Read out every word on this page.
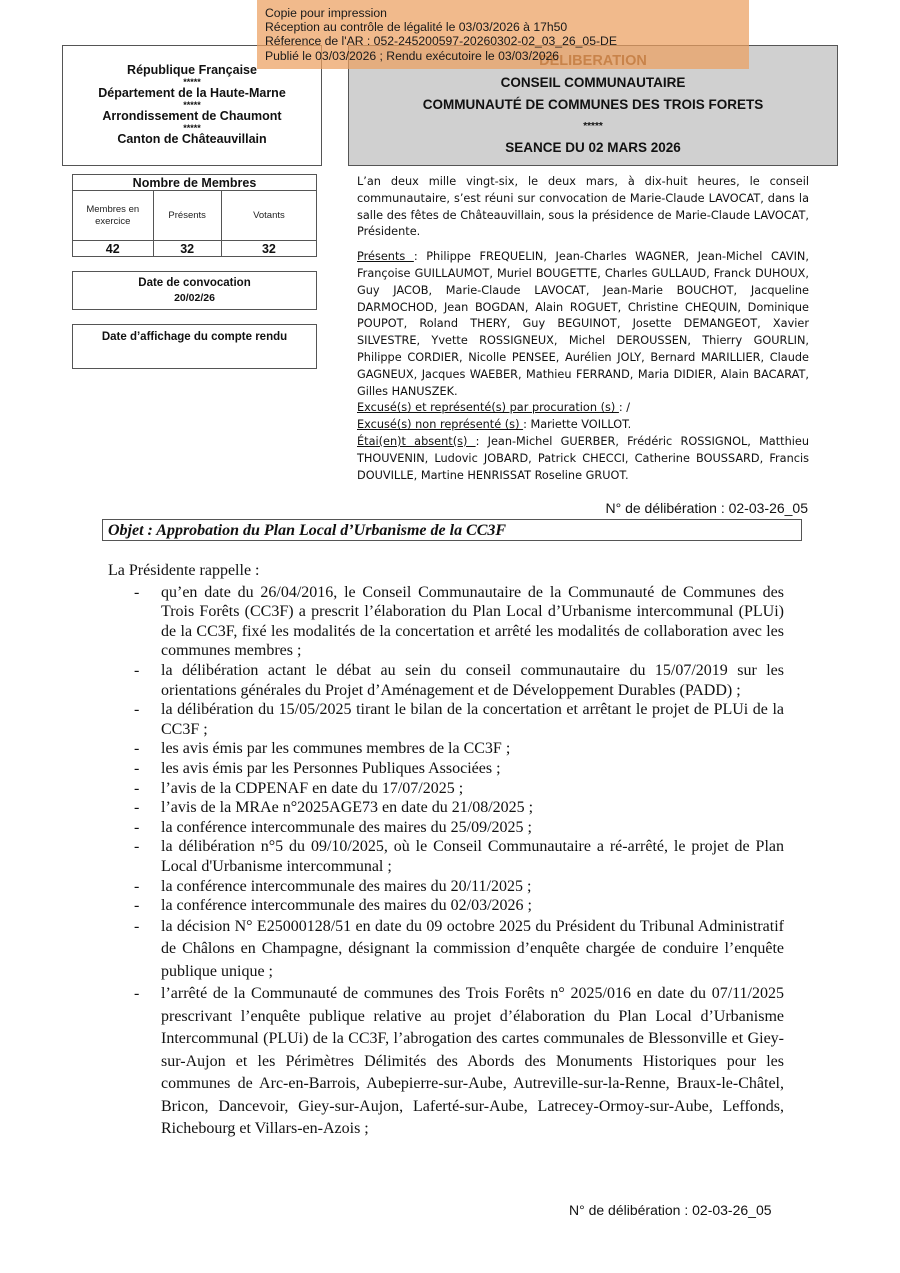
Copie pour impression
Réception au contrôle de légalité le 03/03/2026 à 17h50
Réference de l'AR : 052-245200597-20260302-02_03_26_05-DE
Publié le 03/03/2026 ; Rendu exécutoire le 03/03/2026
République Française
*****
Département de la Haute-Marne
*****
Arrondissement de Chaumont
*****
Canton de Châteauvillain
CONSEIL COMMUNAUTAIRE
COMMUNAUTÉ DE COMMUNES DES TROIS FORETS
*****
SEANCE DU 02 MARS 2026
Nombre de Membres		
Membres en exercice	Présents	Votants
42	32	32
Date de convocation
20/02/26
Date d’affichage du compte rendu

L’an deux mille vingt-six, le deux mars, à dix-huit heures, le conseil communautaire, s’est réuni sur convocation de Marie-Claude LAVOCAT, dans la salle des fêtes de Châteauvillain, sous la présidence de Marie-Claude LAVOCAT, Présidente.

Présents : Philippe FREQUELIN, Jean-Charles WAGNER, Jean-Michel CAVIN, Françoise GUILLAUMOT, Muriel BOUGETTE, Charles GULLAUD, Franck DUHOUX, Guy JACOB, Marie-Claude LAVOCAT, Jean-Marie BOUCHOT, Jacqueline DARMOCHOD, Jean BOGDAN, Alain ROGUET, Christine CHEQUIN, Dominique POUPOT, Roland THERY, Guy BEGUINOT, Josette DEMANGEOT, Xavier SILVESTRE, Yvette ROSSIGNEUX, Michel DEROUSSEN, Thierry GOURLIN, Philippe CORDIER, Nicolle PENSEE, Aurélien JOLY, Bernard MARILLIER, Claude GAGNEUX, Jacques WAEBER, Mathieu FERRAND, Maria DIDIER, Alain BACARAT, Gilles HANUSZEK.

Excusé(s) et représenté(s) par procuration (s) : /

Excusé(s) non représenté (s) : Mariette VOILLOT.

Étai(en)t absent(s) : Jean-Michel GUERBER, Frédéric ROSSIGNOL, Matthieu THOUVENIN, Ludovic JOBARD, Patrick CHECCI, Catherine BOUSSARD, Francis DOUVILLE, Martine HENRISSAT Roseline GRUOT.

N° de délibération : 02-03-26_05
Objet : Approbation du Plan Local d’Urbanisme de la CC3F
La Présidente rappelle :
- qu’en date du 26/04/2016, le Conseil Communautaire de la Communauté de Communes des Trois Forêts (CC3F) a prescrit l’élaboration du Plan Local d’Urbanisme intercommunal (PLUi) de la CC3F, fixé les modalités de la concertation et arrêté les modalités de collaboration avec les communes membres ;
- la délibération actant le débat au sein du conseil communautaire du 15/07/2019 sur les orientations générales du Projet d’Aménagement et de Développement Durables (PADD) ;
- la délibération du 15/05/2025 tirant le bilan de la concertation et arrêtant le projet de PLUi de la CC3F ;
- les avis émis par les communes membres de la CC3F ;
- les avis émis par les Personnes Publiques Associées ;
- l’avis de la CDPENAF en date du 17/07/2025 ;
- l’avis de la MRAe n°2025AGE73 en date du 21/08/2025 ;
- la conférence intercommunale des maires du 25/09/2025 ;
- la délibération n°5 du 09/10/2025, où le Conseil Communautaire a ré-arrêté, le projet de Plan Local d'Urbanisme intercommunal ;
- la conférence intercommunale des maires du 20/11/2025 ;
- la conférence intercommunale des maires du 02/03/2026 ;
- la décision N° E25000128/51 en date du 09 octobre 2025 du Président du Tribunal Administratif de Châlons en Champagne, désignant la commission d’enquête chargée de conduire l’enquête publique unique ;
- l’arrêté de la Communauté de communes des Trois Forêts n° 2025/016 en date du 07/11/2025 prescrivant l’enquête publique relative au projet d’élaboration du Plan Local d’Urbanisme Intercommunal (PLUi) de la CC3F, l’abrogation des cartes communales de Blessonville et Giey-sur-Aujon et les Périmètres Délimités des Abords des Monuments Historiques pour les communes de Arc-en-Barrois, Aubepierre-sur-Aube, Autreville-sur-la-Renne, Braux-le-Châtel, Bricon, Dancevoir, Giey-sur-Aujon, Laferté-sur-Aube, Latrecey-Ormoy-sur-Aube, Leffonds, Richebourg et Villars-en-Azois ;
N° de délibération : 02-03-26_05
